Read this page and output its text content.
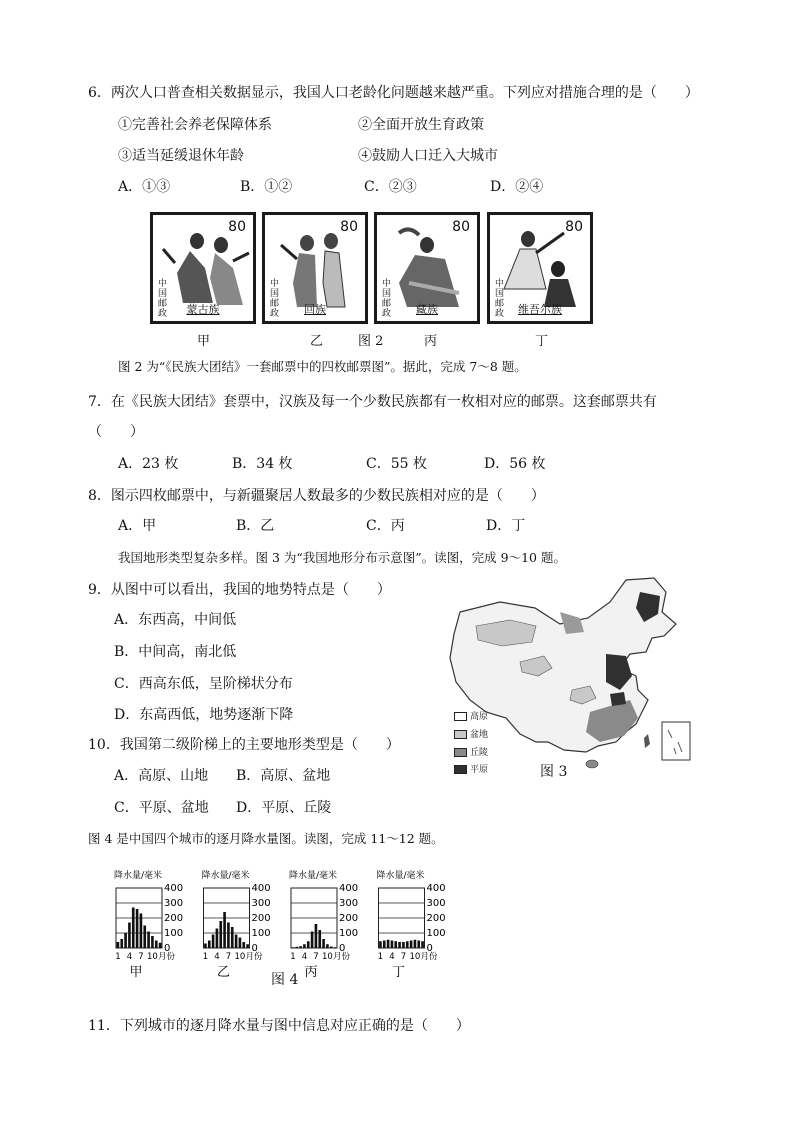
6．两次人口普查相关数据显示，我国人口老龄化问题越来越严重。下列应对措施合理的是（　　）
①完善社会养老保障体系	②全面开放生育政策
③适当延缓退休年龄	④鼓励人口迁入大城市
A．①③	B．①②	C．②③	D．②④
80
中国邮政	蒙古族
80
中国邮政	回族
80
中国邮政	藏族
80
中国邮政	维吾尔族
甲	乙	图 2	丙	丁
图 2 为“《民族大团结》一套邮票中的四枚邮票图”。据此，完成 7～8 题。
7．在《民族大团结》套票中，汉族及每一个少数民族都有一枚相对应的邮票。这套邮票共有
（　　）
A．23 枚	B．34 枚	C．55 枚	D．56 枚
8．图示四枚邮票中，与新疆聚居人数最多的少数民族相对应的是（　　）
A．甲	B．乙	C．丙	D．丁
我国地形类型复杂多样。图 3 为“我国地形分布示意图”。读图，完成 9～10 题。
9．从图中可以看出，我国的地势特点是（　　）
A．东西高，中间低
B．中间高，南北低
C．西高东低，呈阶梯状分布
D．东高西低，地势逐渐下降	高原
盆地
丘陵
平原	图 3
10．我国第二级阶梯上的主要地形类型是（　　）
A．高原、山地 B．高原、盆地
C．平原、盆地 D．平原、丘陵
图 4 是中国四个城市的逐月降水量图。读图，完成 11～12 题。
降水量/毫米
0
100
200
300
400
1 4 7 10 月份
甲
降水量/毫米
0
100
200
300
400
1 4 7 10 月份
乙
降水量/毫米
0
100
200
300
400
1 4 7 10 月份
丙
降水量/毫米
0
100
200
300
400
1 4 7 10 月份
丁
图 4
11．下列城市的逐月降水量与图中信息对应正确的是（　　）
